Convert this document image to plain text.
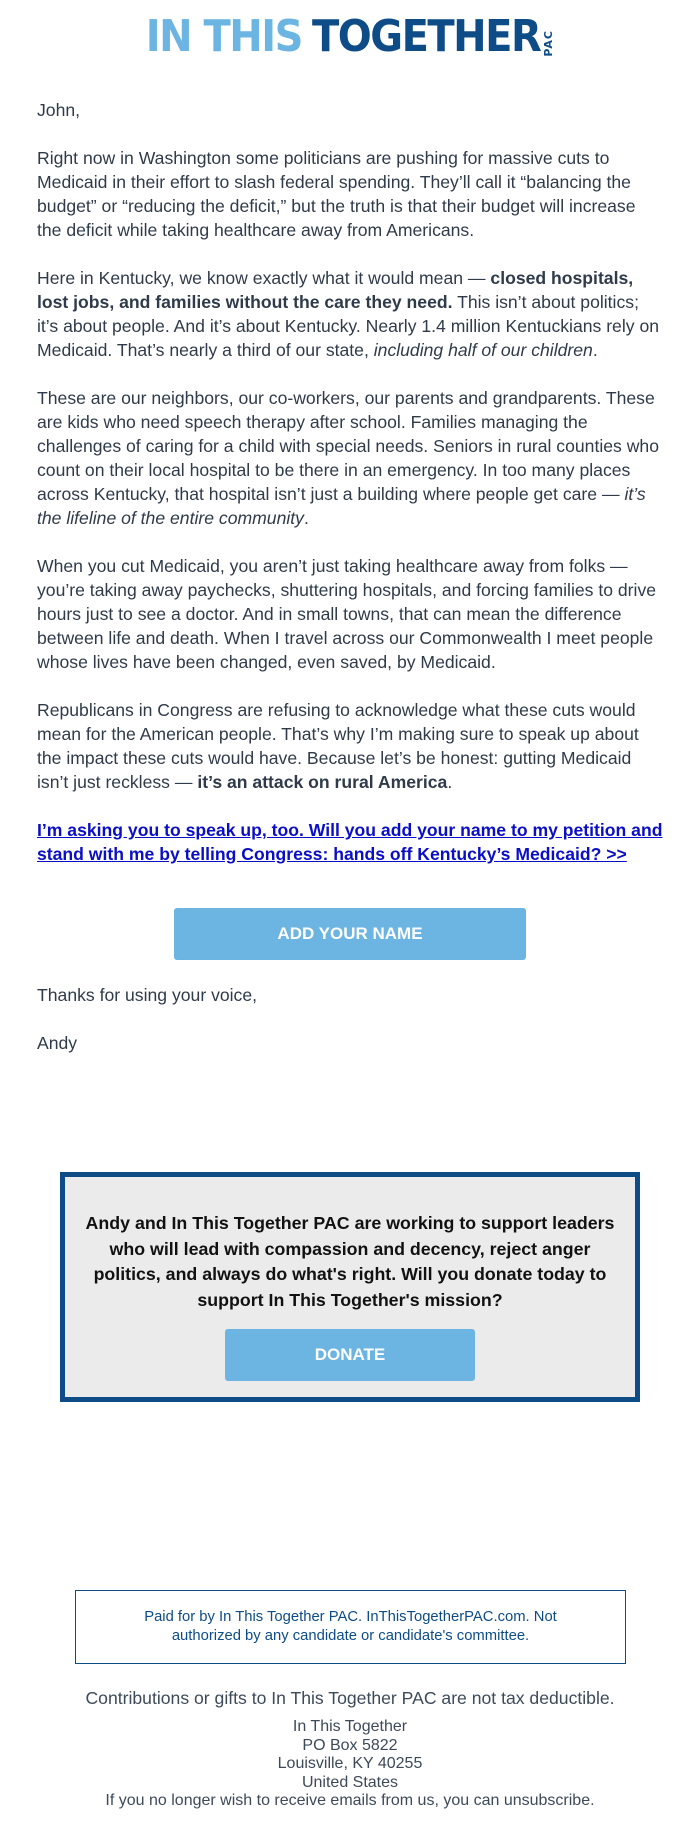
IN THIS TOGETHER PAC

John,

Right now in Washington some politicians are pushing for massive cuts to Medicaid in their effort to slash federal spending. They’ll call it “balancing the budget” or “reducing the deficit,” but the truth is that their budget will increase the deficit while taking healthcare away from Americans.

Here in Kentucky, we know exactly what it would mean — closed hospitals, lost jobs, and families without the care they need. This isn’t about politics; it’s about people. And it’s about Kentucky. Nearly 1.4 million Kentuckians rely on Medicaid. That’s nearly a third of our state, including half of our children.

These are our neighbors, our co-workers, our parents and grandparents. These are kids who need speech therapy after school. Families managing the challenges of caring for a child with special needs. Seniors in rural counties who count on their local hospital to be there in an emergency. In too many places across Kentucky, that hospital isn’t just a building where people get care — it’s the lifeline of the entire community.

When you cut Medicaid, you aren’t just taking healthcare away from folks — you’re taking away paychecks, shuttering hospitals, and forcing families to drive hours just to see a doctor. And in small towns, that can mean the difference between life and death. When I travel across our Commonwealth I meet people whose lives have been changed, even saved, by Medicaid.

Republicans in Congress are refusing to acknowledge what these cuts would mean for the American people. That’s why I’m making sure to speak up about the impact these cuts would have. Because let’s be honest: gutting Medicaid isn’t just reckless — it’s an attack on rural America.

I’m asking you to speak up, too. Will you add your name to my petition and stand with me by telling Congress: hands off Kentucky’s Medicaid? >>

ADD YOUR NAME
Thanks for using your voice,
Andy
Andy and In This Together PAC are working to support leaders who will lead with compassion and decency, reject anger politics, and always do what's right. Will you donate today to support In This Together's mission?
DONATE
Paid for by In This Together PAC. InThisTogetherPAC.com. Not authorized by any candidate or candidate's committee.
Contributions or gifts to In This Together PAC are not tax deductible.
In This Together
PO Box 5822
Louisville, KY 40255
United States
If you no longer wish to receive emails from us, you can unsubscribe.
